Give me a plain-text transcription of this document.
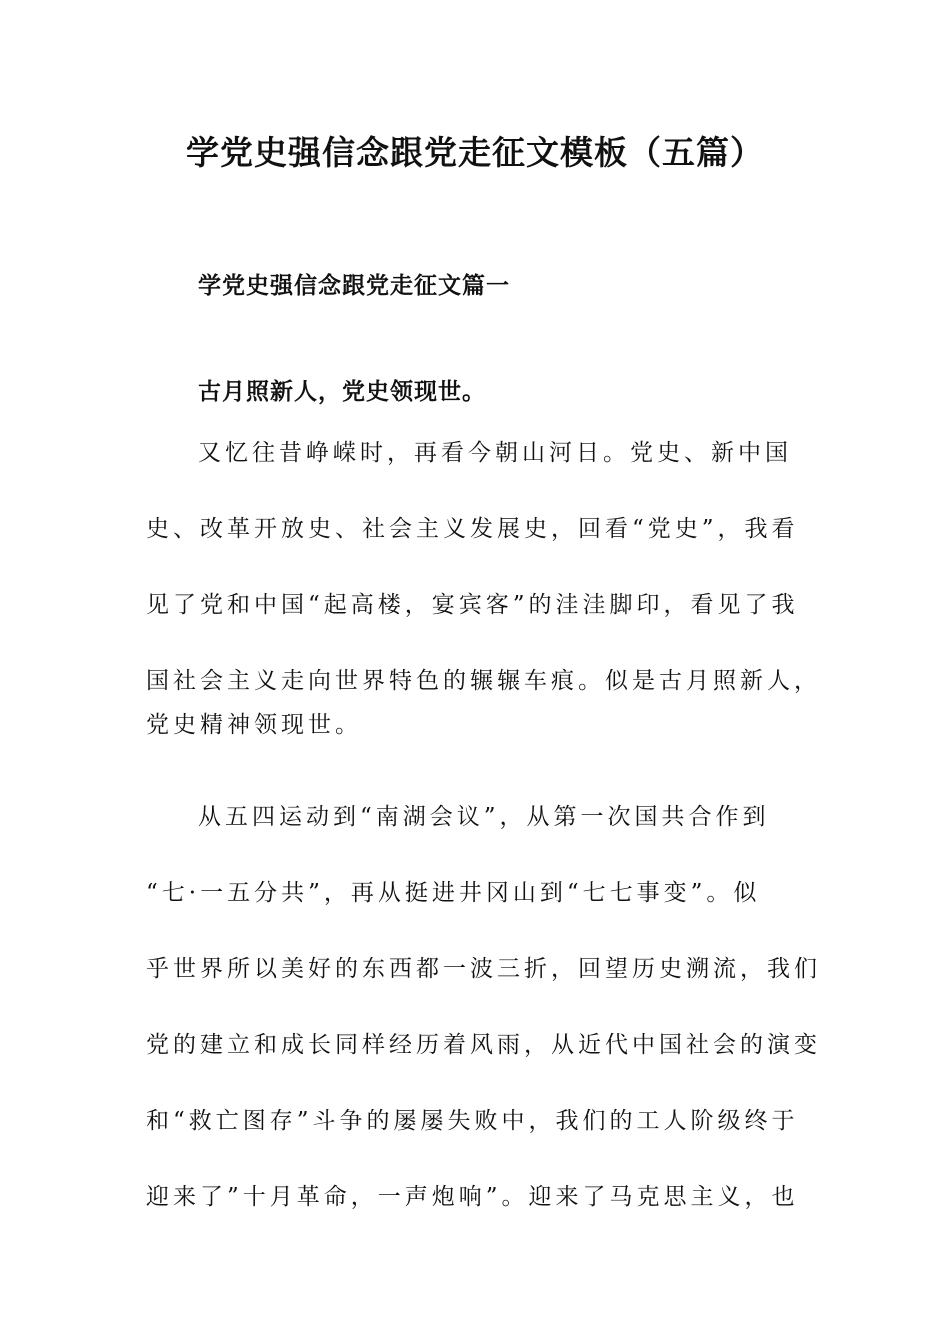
学党史强信念跟党走征文模板（五篇）
学党史强信念跟党走征文篇一

古月照新人，党史领现世。

又忆往昔峥嵘时，再看今朝山河日。党史、新中国

史、改革开放史、社会主义发展史，回看“党史”，我看

见了党和中国“起高楼，宴宾客”的洼洼脚印，看见了我

国社会主义走向世界特色的辗辗车痕。似是古月照新人，

党史精神领现世。

从五四运动到“南湖会议”，从第一次国共合作到

“七·一五分共”，再从挺进井冈山到“七七事变”。似

乎世界所以美好的东西都一波三折，回望历史溯流，我们

党的建立和成长同样经历着风雨，从近代中国社会的演变

和“救亡图存”斗争的屡屡失败中，我们的工人阶级终于

迎来了”十月革命，一声炮响”。迎来了马克思主义，也
